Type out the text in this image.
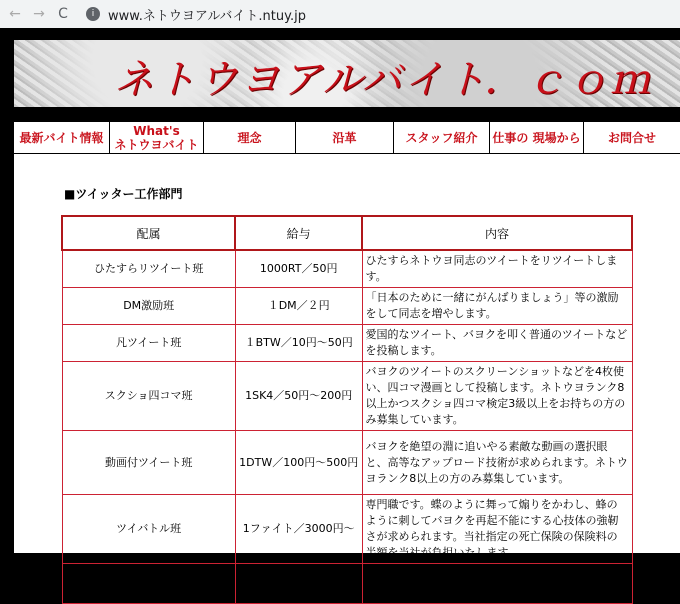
← → C	i	www.ネトウヨアルバイト.ntuy.jp
ネトウヨアルバイト．ｃｏｍ
最新バイト情報 What's
ネトウヨバイト	理念	沿革	スタッフ紹介 仕事の 現場から お問合せ
■ツイッター工作部門
配属	給与	内容
ひたすらリツイート班	1000RT／50円	ひたすらネトウヨ同志のツイートをリツイートします。
DM激励班	１DM／２円	「日本のために一緒にがんばりましょう」等の激励をして同志を増やします。
凡ツイート班	１BTW／10円〜50円	愛国的なツイート、バヨクを叩く普通のツイートなどを投稿します。
スクショ四コマ班	1SK4／50円〜200円	バヨクのツイートのスクリーンショットなどを4枚使い、四コマ漫画として投稿します。ネトウヨランク8以上かつスクショ四コマ検定3級以上をお持ちの方のみ募集しています。
動画付ツイート班	1DTW／100円〜500円	バヨクを絶望の淵に追いやる素敵な動画の選択眼と、高等なアップロード技術が求められます。ネトウヨランク8以上の方のみ募集しています。
ツイバトル班	1ファイト／3000円〜	専門職です。蝶のように舞って煽りをかわし、蜂のように刺してバヨクを再起不能にする心技体の強靭さが求められます。当社指定の死亡保険の保険料の半額を当社が負担いたします。
		バヨクのアカウントを凍結させて、事要となる言論を排
